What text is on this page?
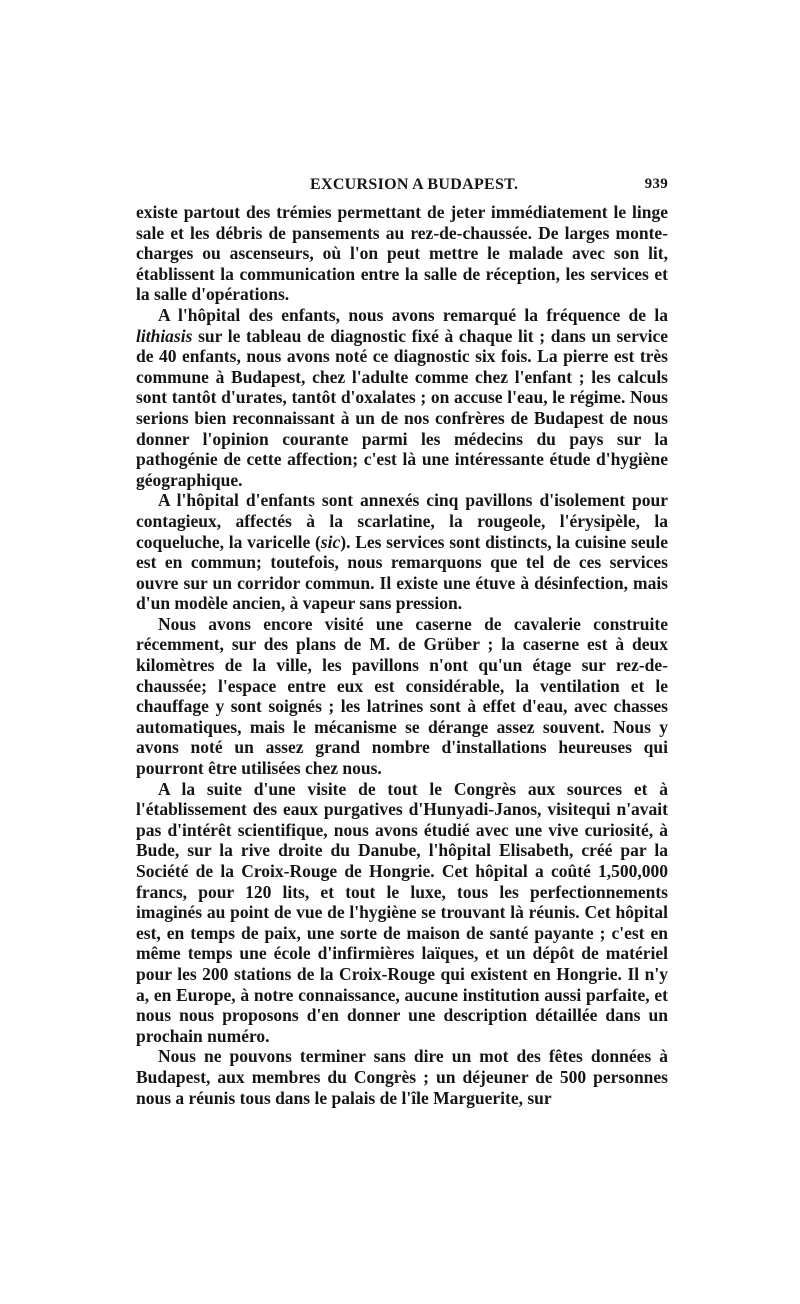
EXCURSION A BUDAPEST.	939

existe partout des trémies permettant de jeter immédiatement le linge sale et les débris de pansements au rez-de-chaussée. De larges monte-charges ou ascenseurs, où l'on peut mettre le malade avec son lit, établissent la communication entre la salle de réception, les services et la salle d'opérations.

A l'hôpital des enfants, nous avons remarqué la fréquence de la lithiasis sur le tableau de diagnostic fixé à chaque lit ; dans un service de 40 enfants, nous avons noté ce diagnostic six fois. La pierre est très commune à Budapest, chez l'adulte comme chez l'enfant ; les calculs sont tantôt d'urates, tantôt d'oxalates ; on accuse l'eau, le régime. Nous serions bien reconnaissant à un de nos confrères de Budapest de nous donner l'opinion courante parmi les médecins du pays sur la pathogénie de cette affection; c'est là une intéressante étude d'hygiène géographique.

A l'hôpital d'enfants sont annexés cinq pavillons d'isolement pour contagieux, affectés à la scarlatine, la rougeole, l'érysipèle, la coqueluche, la varicelle (sic). Les services sont distincts, la cuisine seule est en commun; toutefois, nous remarquons que tel de ces services ouvre sur un corridor commun. Il existe une étuve à désinfection, mais d'un modèle ancien, à vapeur sans pression.

Nous avons encore visité une caserne de cavalerie construite récemment, sur des plans de M. de Grüber ; la caserne est à deux kilomètres de la ville, les pavillons n'ont qu'un étage sur rez-de-chaussée; l'espace entre eux est considérable, la ventilation et le chauffage y sont soignés ; les latrines sont à effet d'eau, avec chasses automatiques, mais le mécanisme se dérange assez souvent. Nous y avons noté un assez grand nombre d'installations heureuses qui pourront être utilisées chez nous.

A la suite d'une visite de tout le Congrès aux sources et à l'établissement des eaux purgatives d'Hunyadi-Janos, visitequi n'avait pas d'intérêt scientifique, nous avons étudié avec une vive curiosité, à Bude, sur la rive droite du Danube, l'hôpital Elisabeth, créé par la Société de la Croix-Rouge de Hongrie. Cet hôpital a coûté 1,500,000 francs, pour 120 lits, et tout le luxe, tous les perfectionnements imaginés au point de vue de l'hygiène se trouvant là réunis. Cet hôpital est, en temps de paix, une sorte de maison de santé payante ; c'est en même temps une école d'infirmières laïques, et un dépôt de matériel pour les 200 stations de la Croix-Rouge qui existent en Hongrie. Il n'y a, en Europe, à notre connaissance, aucune institution aussi parfaite, et nous nous proposons d'en donner une description détaillée dans un prochain numéro.

Nous ne pouvons terminer sans dire un mot des fêtes données à Budapest, aux membres du Congrès ; un déjeuner de 500 personnes nous a réunis tous dans le palais de l'île Marguerite, sur
